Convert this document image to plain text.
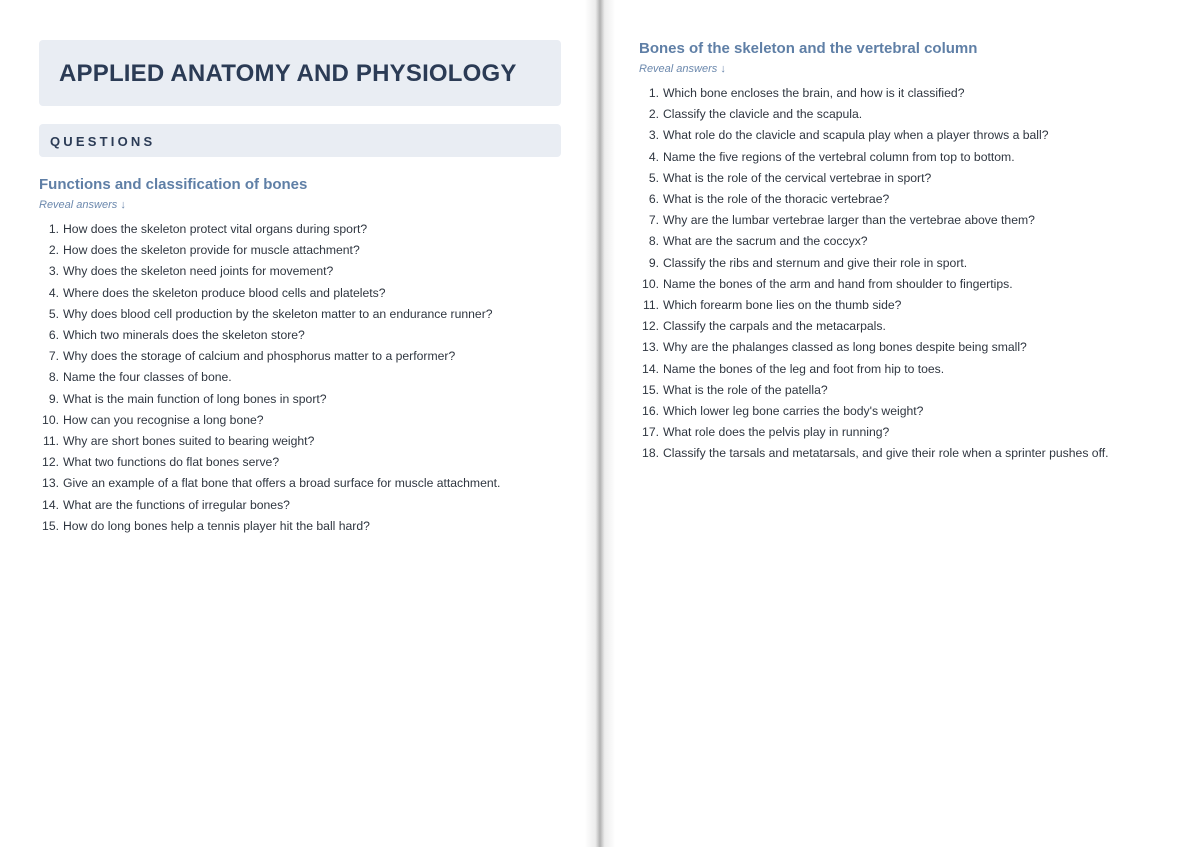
APPLIED ANATOMY AND PHYSIOLOGY
QUESTIONS
Functions and classification of bones
Reveal answers ↓
1. How does the skeleton protect vital organs during sport?
2. How does the skeleton provide for muscle attachment?
3. Why does the skeleton need joints for movement?
4. Where does the skeleton produce blood cells and platelets?
5. Why does blood cell production by the skeleton matter to an endurance runner?
6. Which two minerals does the skeleton store?
7. Why does the storage of calcium and phosphorus matter to a performer?
8. Name the four classes of bone.
9. What is the main function of long bones in sport?
10. How can you recognise a long bone?
11. Why are short bones suited to bearing weight?
12. What two functions do flat bones serve?
13. Give an example of a flat bone that offers a broad surface for muscle attachment.
14. What are the functions of irregular bones?
15. How do long bones help a tennis player hit the ball hard?
Bones of the skeleton and the vertebral column
Reveal answers ↓
1. Which bone encloses the brain, and how is it classified?
2. Classify the clavicle and the scapula.
3. What role do the clavicle and scapula play when a player throws a ball?
4. Name the five regions of the vertebral column from top to bottom.
5. What is the role of the cervical vertebrae in sport?
6. What is the role of the thoracic vertebrae?
7. Why are the lumbar vertebrae larger than the vertebrae above them?
8. What are the sacrum and the coccyx?
9. Classify the ribs and sternum and give their role in sport.
10. Name the bones of the arm and hand from shoulder to fingertips.
11. Which forearm bone lies on the thumb side?
12. Classify the carpals and the metacarpals.
13. Why are the phalanges classed as long bones despite being small?
14. Name the bones of the leg and foot from hip to toes.
15. What is the role of the patella?
16. Which lower leg bone carries the body's weight?
17. What role does the pelvis play in running?
18. Classify the tarsals and metatarsals, and give their role when a sprinter pushes off.
